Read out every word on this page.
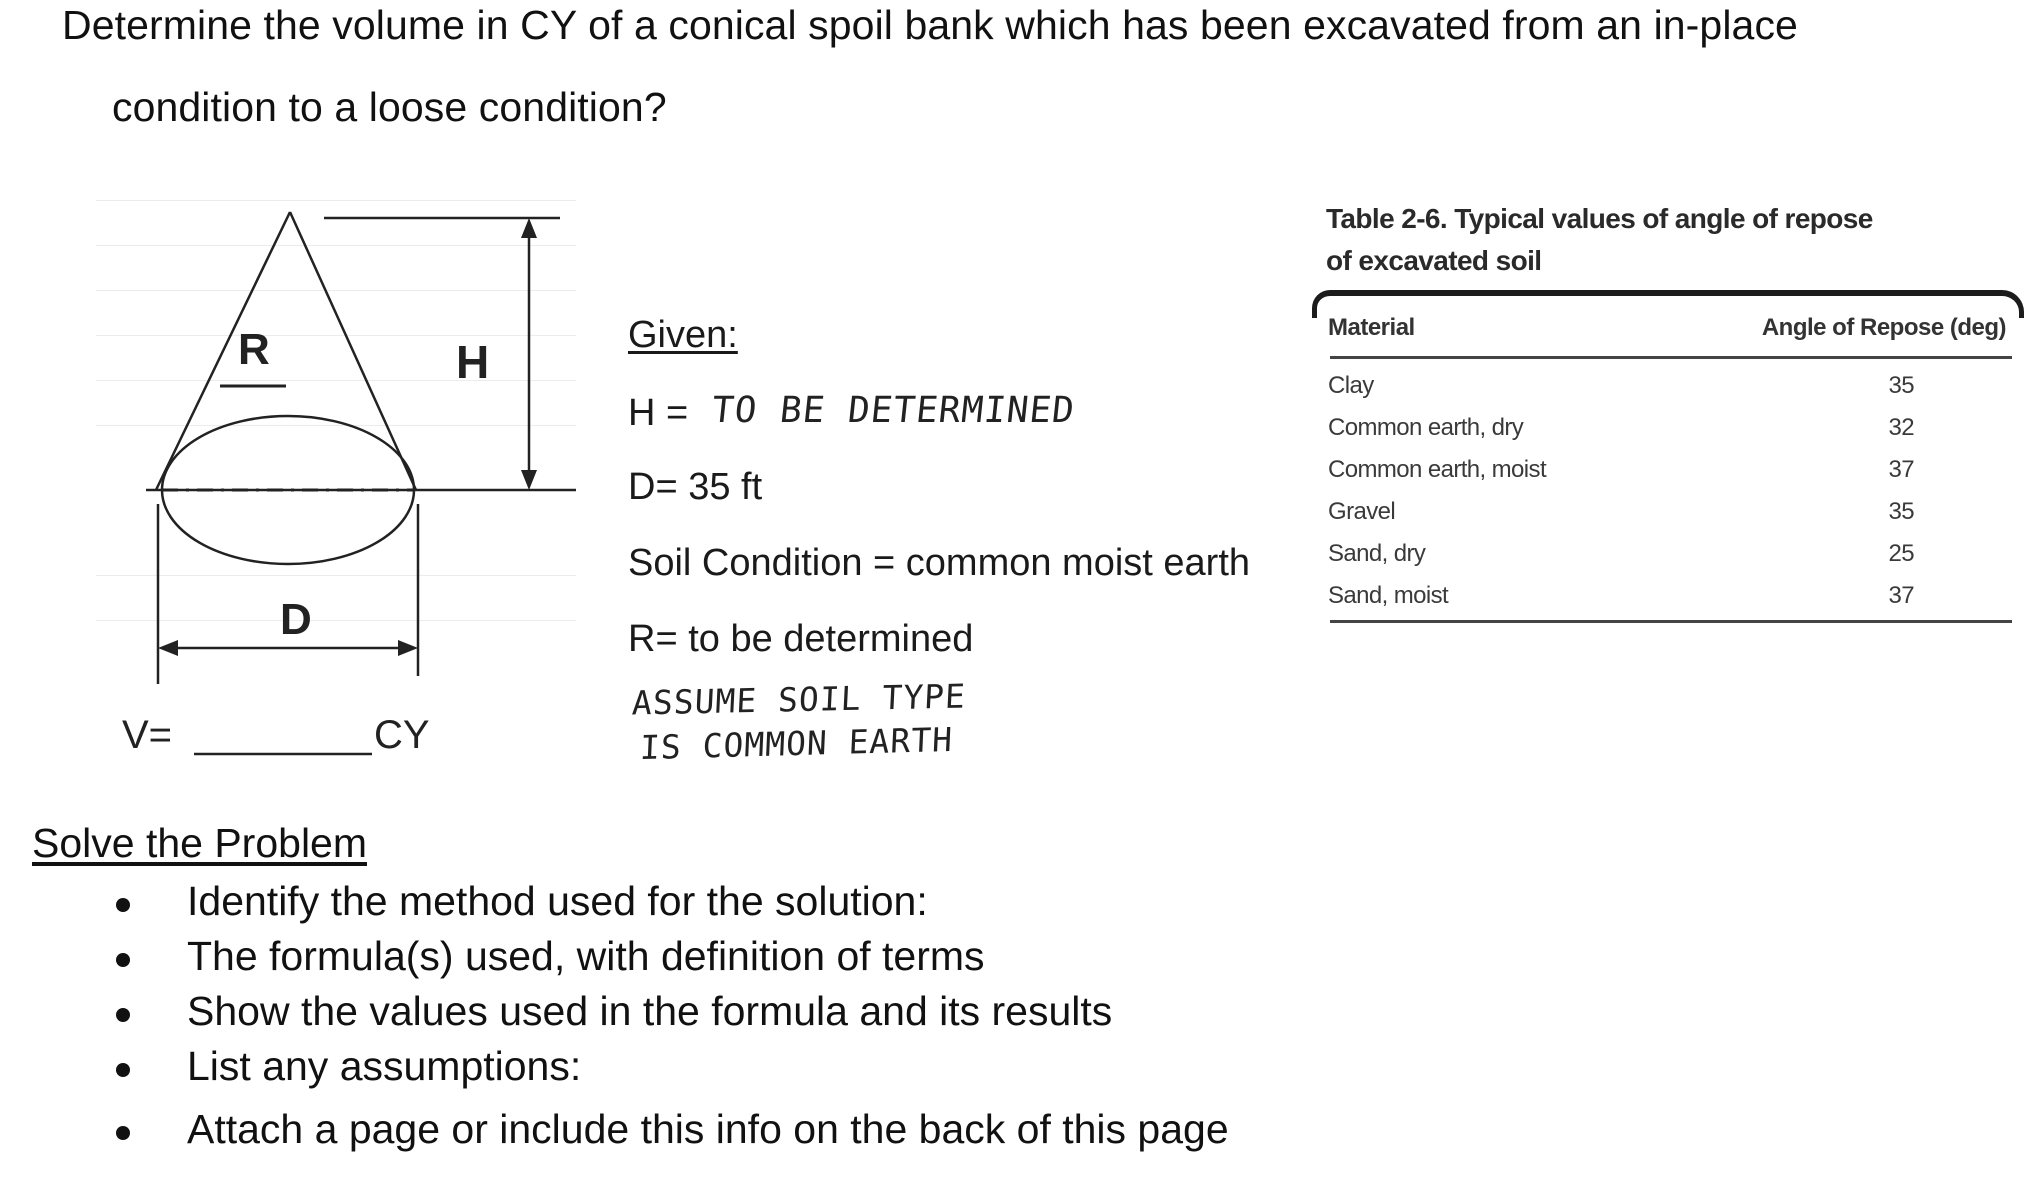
Determine the volume in CY of a conical spoil bank which has been excavated from an in-place
condition to a loose condition?
R	H
D
V=	CY
Given:
H = TO BE DETERMINED
D= 35 ft
Soil Condition = common moist earth
R= to be determined
ASSUME SOIL TYPE
IS COMMON EARTH
Table 2-6. Typical values of angle of repose
of excavated soil
Material	Angle of Repose (deg)
Clay	35
Common earth, dry	32
Common earth, moist	37
Gravel	35
Sand, dry	25
Sand, moist	37
Solve the Problem
Identify the method used for the solution:
The formula(s) used, with definition of terms
Show the values used in the formula and its results
List any assumptions:
Attach a page or include this info on the back of this page
